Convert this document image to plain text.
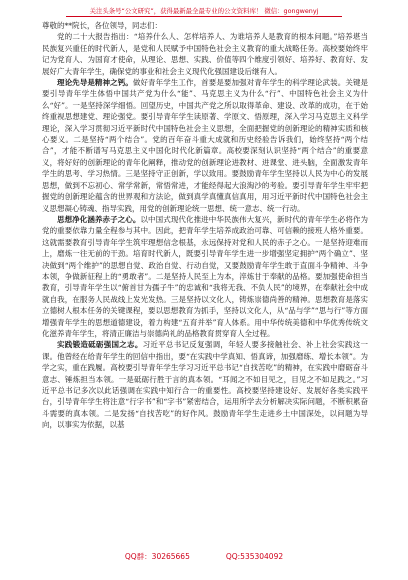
关注头条号“公文研究”，获得最新最全最专业的公文资料库！ 微信：gongwenyj

尊敬的**院长，各位领导，同志们：

党的二十大报告指出：“培养什么人、怎样培养人、为谁培养人是教育的根本问题。”培养堪当民族复兴重任的时代新人，是党和人民赋予中国特色社会主义教育的重大战略任务。高校要始终牢记为党育人、为国育才使命，从理论、思想、实践、价值等四个维度引领好、培养好、教育好、发展好广大青年学生，确保党的事业和社会主义现代化强国建设后继有人。

理论先导是精神之钙。做好青年学生工作，首要是要加强对青年学生的科学理论武装。关键是要引导青年学生体悟中国共产党为什么“能”、马克思主义为什么“行”、中国特色社会主义为什么“好”。一是坚持深学细悟。回望历史，中国共产党之所以取得革命、建设、改革的成功，在于始终重视思想建党、理论强党。要引导青年学生读原著、学原文、悟原理，深入学习马克思主义科学理论，深入学习贯彻习近平新时代中国特色社会主义思想，全面把握党的创新理论的精神实质和核心要义。二是坚持“两个结合”。党的百年奋斗重大成就和历史经验告诉我们，始终坚持“两个结合”，才能不断谱写马克思主义中国化时代化新篇章。高校要深刻认识坚持“两个结合”的重要意义，将好好的创新理论的青年化阐释，推动党的创新理论进教材、进课堂、进头脑，全面激发青年学生的思考、学习热情。三是坚持守正创新，学以致用。要鼓励青年学生坚持以人民为中心的发展思想，做到不忘初心、常学常新，常悟常进，才能经得起大浪淘沙的考验。要引导青年学生牢牢把握党的创新理论蕴含的世界观和方法论，做到真学真懂真信真用，用习近平新时代中国特色社会主义思想凝心铸魂、指导实践，用党的创新理论统一思想、统一意志、统一行动。

思想净化涵养赤子之心。以中国式现代化推进中华民族伟大复兴，新时代的青年学生必将作为党的重要依靠力量全程参与其中。因此，把青年学生培养成政治可靠、可信赖的接班人格外重要。这就需要教育引导青年学生筑牢理想信念根基，永远保持对党和人民的赤子之心。一是坚持迎难而上，磨炼一往无前的干劲。培育时代新人，既要引导青年学生进一步增强坚定拥护“两个确立”、坚决做到“两个维护”的思想自觉、政治自觉、行动自觉，又要鼓励青年学生敢于直面斗争精神、斗争本领，争做新征程上的“勇敢者”。二是坚持人民至上为本，淬炼甘于奉献的品格。要加强使命担当教育，引导青年学生以“俯首甘为孺子牛”的忠诚和“我将无我、不负人民”的境界，在奉献社会中成就自我，在服务人民战线上发光发热。三是坚持以文化人，铸炼崇德尚善的精神。思想教育是落实立德树人根本任务的关键课程，要以思想教育为抓手，坚持以文化人，从“品与学”“思与行”等方面增强青年学生的思想道德建设，着力构建“五育并举”育人体系。用中华传统美德和中华优秀传统文化滋养青年学生，将清正廉洁与崇德尚礼的品格教育贯穿育人全过程。

实践锻造砥砺强国之志。习近平总书记反复强调，年轻人要多接触社会、补上社会实践这一课。他曾经在给青年学生的回信中指出，要“在实践中学真知、悟真谛，加强磨练、增长本领”。为学之实，重在践履。高校要引导青年学生学习习近平总书记“自找苦吃”的精神，在实践中磨砺奋斗意志、锤炼担当本领。一是砥砺行胜于言的真本领。“耳闻之不如目见之，目见之不如足践之。”习近平总书记多次以此话强调在实践中知行合一的重要性。高校要坚持建设好、发展好各类实践平台，引导青年学生将注意“行字书”和“字书”紧密结合，运用所学去分析解决实际问题，不断积累奋斗需要的真本领。二是发扬“自找苦吃”的好作风。鼓励青年学生走进乡土中国深处，以问题为导向，以事实为依据，以基

QQ群：30265665	QQ:535304092
